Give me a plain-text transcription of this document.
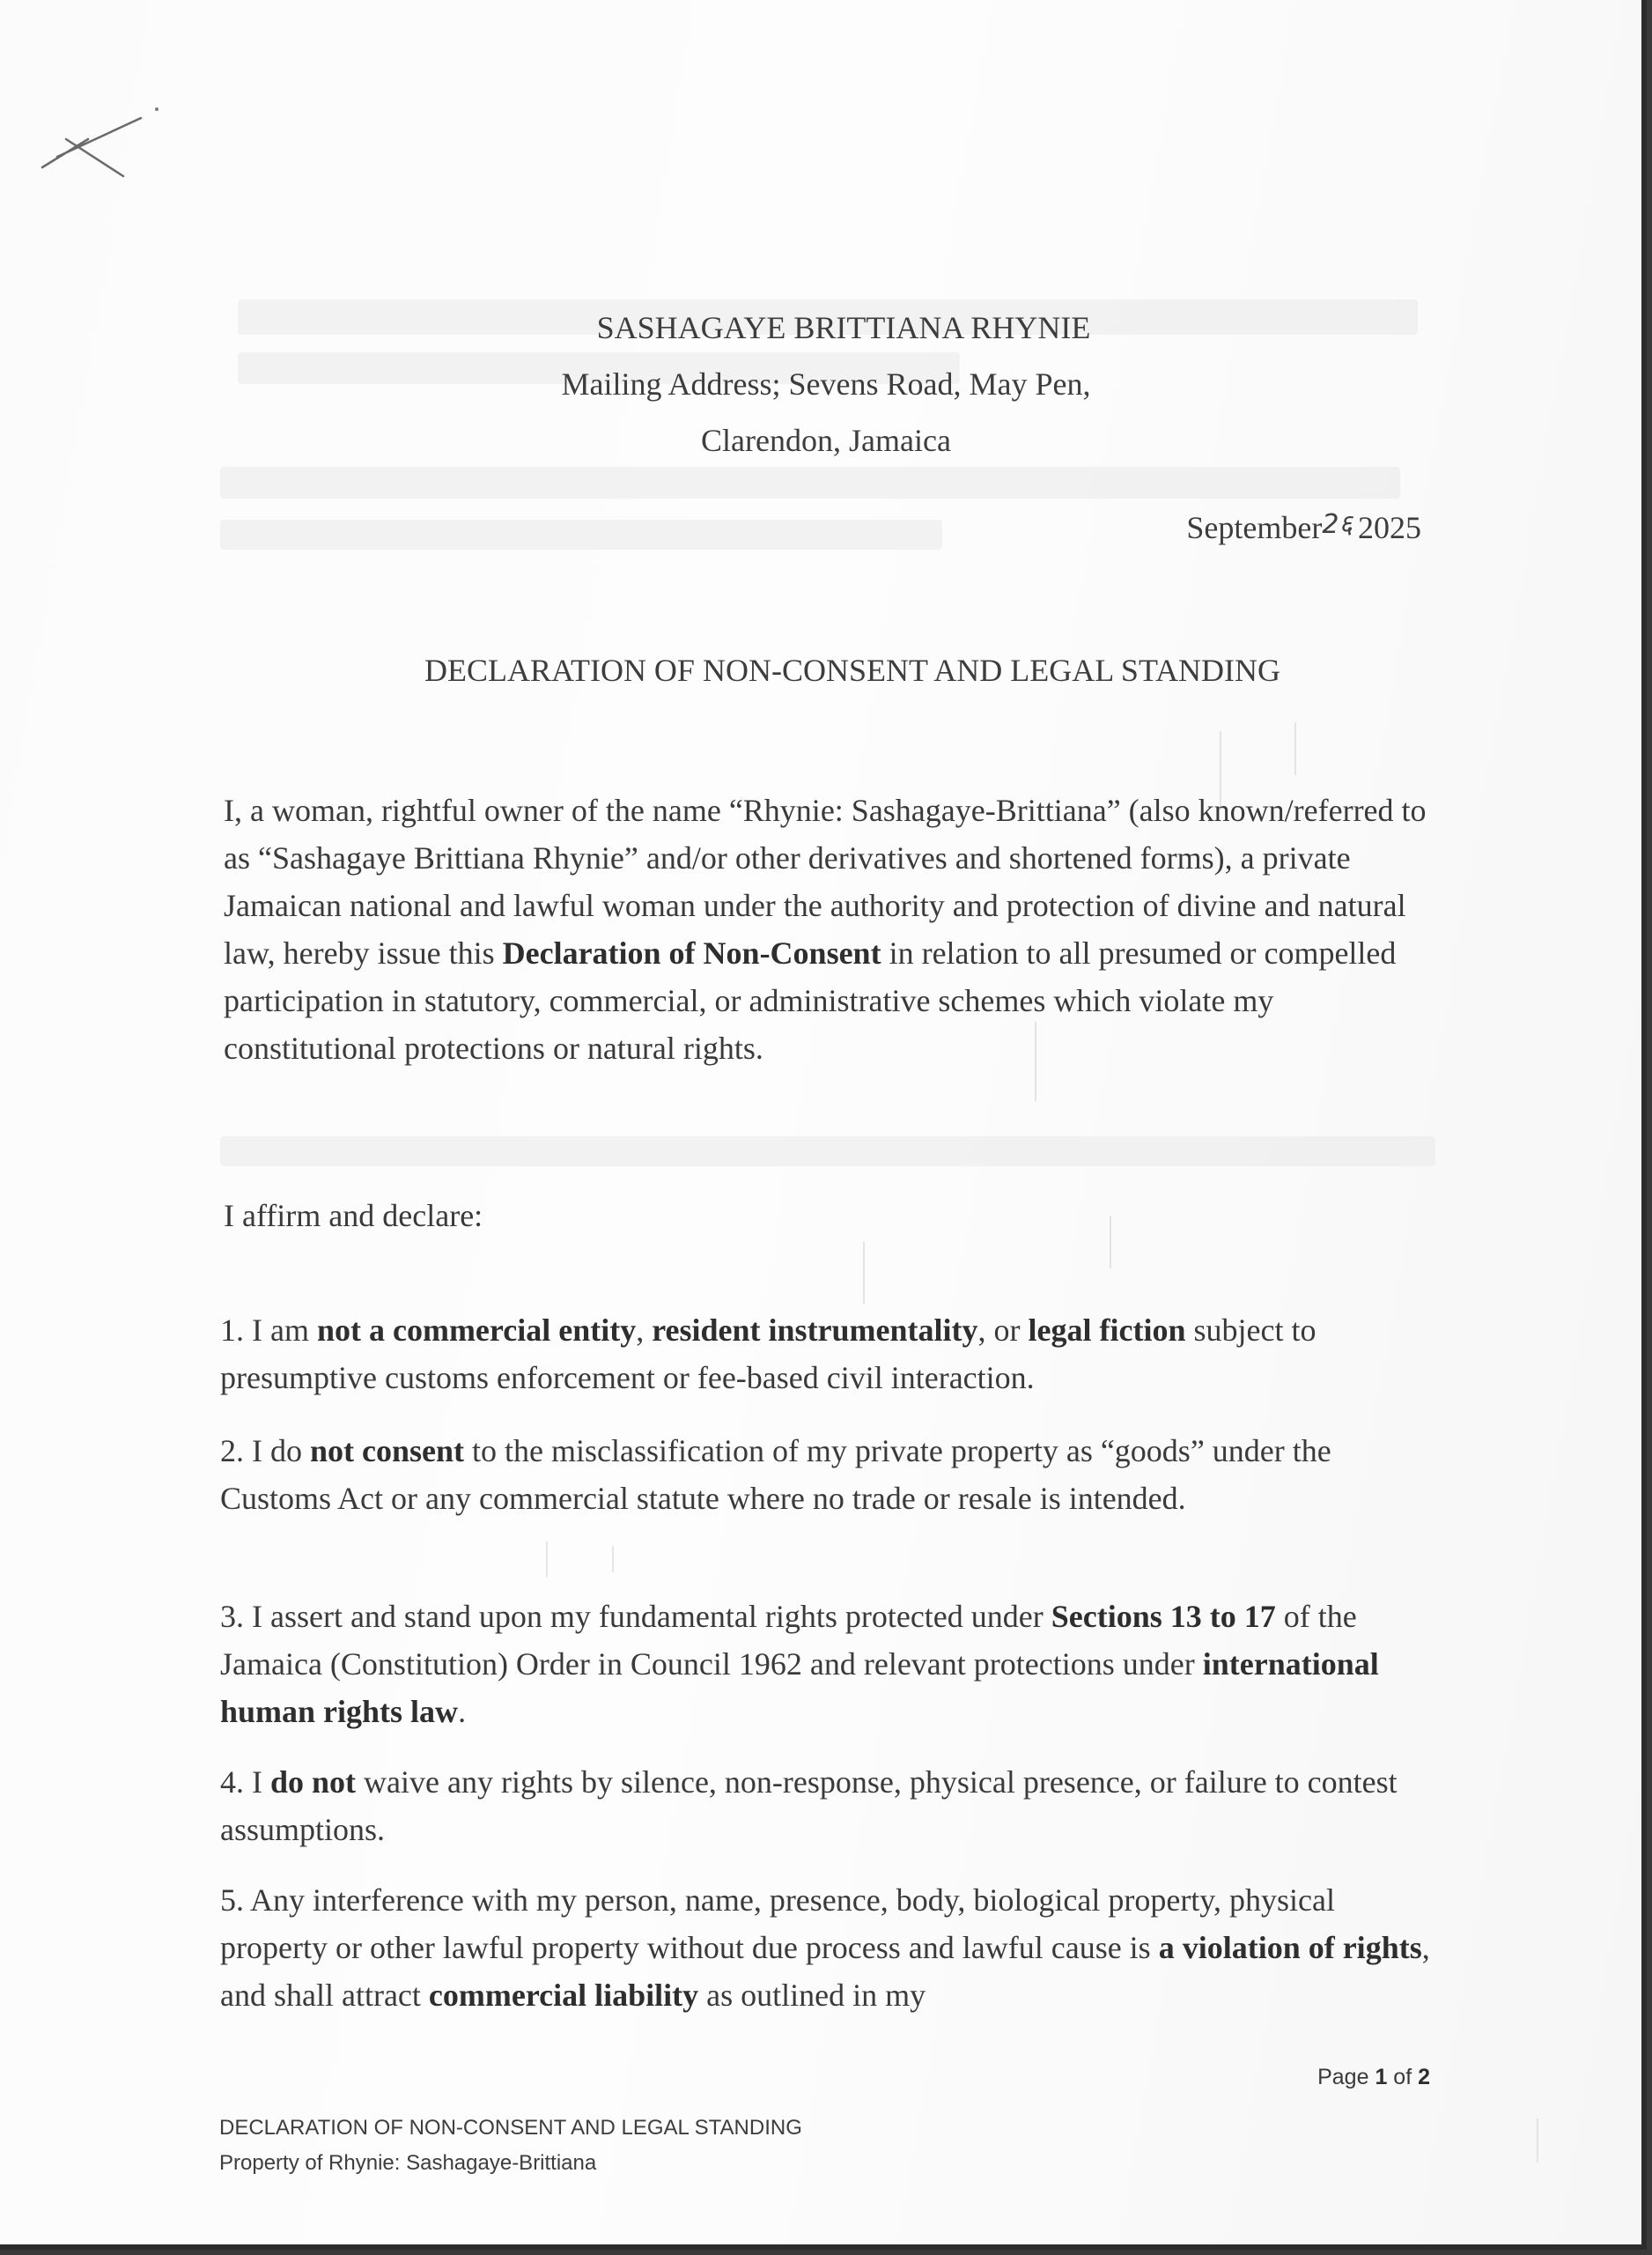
SASHAGAYE BRITTIANA RHYNIE
Mailing Address; Sevens Road, May Pen,
Clarendon, Jamaica
September2६ 2025
DECLARATION OF NON-CONSENT AND LEGAL STANDING
I, a woman, rightful owner of the name “Rhynie: Sashagaye-Brittiana” (also known/referred to as “Sashagaye Brittiana Rhynie” and/or other derivatives and shortened forms), a private Jamaican national and lawful woman under the authority and protection of divine and natural law, hereby issue this Declaration of Non-Consent in relation to all presumed or compelled participation in statutory, commercial, or administrative schemes which violate my constitutional protections or natural rights.
I affirm and declare:
1. I am not a commercial entity, resident instrumentality, or legal fiction subject to presumptive customs enforcement or fee-based civil interaction.
2. I do not consent to the misclassification of my private property as “goods” under the Customs Act or any commercial statute where no trade or resale is intended.
3. I assert and stand upon my fundamental rights protected under Sections 13 to 17 of the Jamaica (Constitution) Order in Council 1962 and relevant protections under international human rights law.
4. I do not waive any rights by silence, non-response, physical presence, or failure to contest assumptions.
5. Any interference with my person, name, presence, body, biological property, physical property or other lawful property without due process and lawful cause is a violation of rights, and shall attract commercial liability as outlined in my
Page 1 of 2
DECLARATION OF NON-CONSENT AND LEGAL STANDING
Property of Rhynie: Sashagaye-Brittiana
